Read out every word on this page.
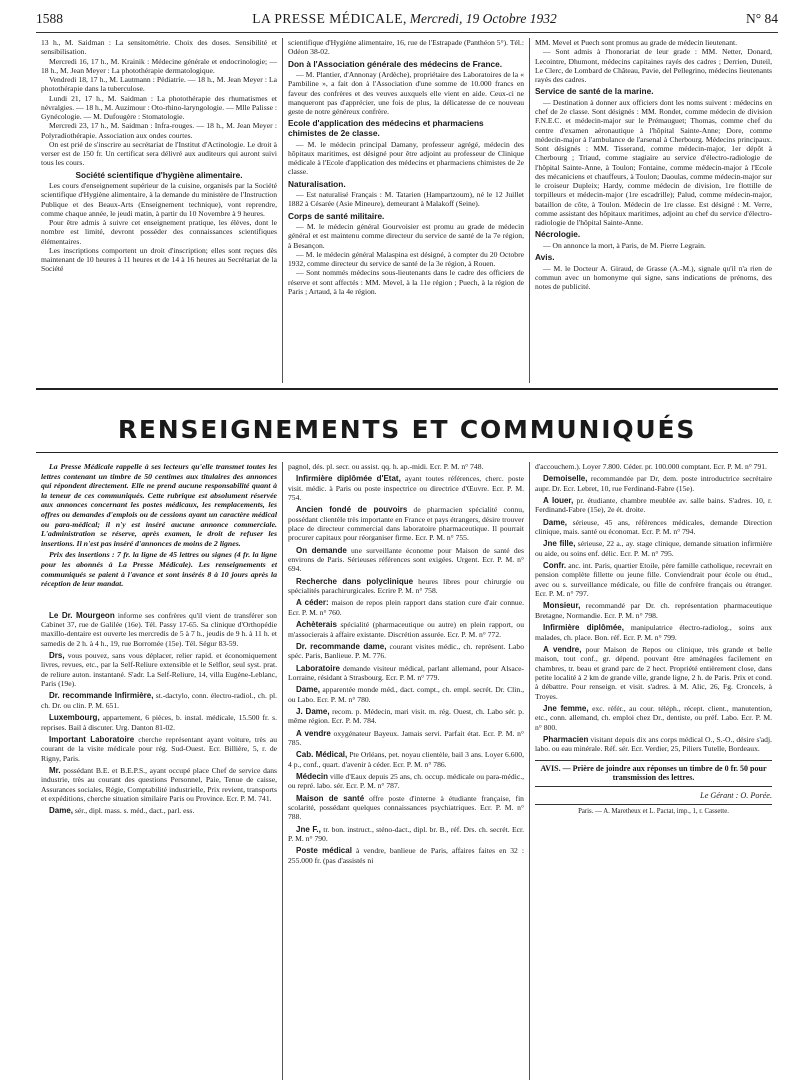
1588	LA PRESSE MÉDICALE, Mercredi, 19 Octobre 1932	N° 84

13 h., M. Saidman : La sensitométrie. Choix des doses. Sensibilité et sensibilisation.

Mercredi 16, 17 h., M. Krainik : Médecine générale et endocrinologie; — 18 h., M. Jean Meyer : La photothérapie dermatologique.

Vendredi 18, 17 h., M. Lautmann : Pédiatrie. — 18 h., M. Jean Meyer : La photothérapie dans la tuberculose.

Lundi 21, 17 h., M. Saidman : La photothérapie des rhumatismes et névralgies. — 18 h., M. Auzimour : Oto-rhino-laryngologie. — Mlle Palisse : Gynécologie. — M. Dufougère : Stomatologie.

Mercredi 23, 17 h., M. Saidman : Infra-rouges. — 18 h., M. Jean Meyer : Polyradiothérapie. Association aux ondes courtes.

On est prié de s'inscrire au secrétariat de l'Institut d'Actinologie. Le droit à verser est de 150 fr. Un certificat sera délivré aux auditeurs qui auront suivi tous les cours.

Société scientifique d'hygiène alimentaire.

Les cours d'enseignement supérieur de la cuisine, organisés par la Société scientifique d'Hygiène alimentaire, à la demande du ministère de l'Instruction Publique et des Beaux-Arts (Enseignement technique), vont reprendre, comme chaque année, le jeudi matin, à partir du 10 Novembre à 9 heures.

Pour être admis à suivre cet enseignement pratique, les élèves, dont le nombre est limité, devront posséder des connaissances scientifiques élémentaires.

Les inscriptions comportent un droit d'inscription; elles sont reçues dès maintenant de 10 heures à 11 heures et de 14 à 16 heures au Secrétariat de la Société

scientifique d'Hygiène alimentaire, 16, rue de l'Estrapade (Panthéon 5°). Tél.: Odéon 38-02.

Don à l'Association générale des médecins de France.

— M. Plantier, d'Annonay (Ardèche), propriétaire des Laboratoires de la « Pambiline », a fait don à l'Association d'une somme de 10.000 francs en faveur des confrères et des veuves auxquels elle vient en aide. Ceux-ci ne manqueront pas d'apprécier, une fois de plus, la délicatesse de ce nouveau geste de notre généreux confrère.

Ecole d'application des médecins et pharmaciens chimistes de 2e classe.

— M. le médecin principal Damany, professeur agrégé, médecin des hôpitaux maritimes, est désigné pour être adjoint au professeur de Clinique médicale à l'Ecole d'application des médecins et pharmaciens chimistes de 2e classe.

Naturalisation.

— Est naturalisé Français : M. Tatarien (Hampartzoum), né le 12 Juillet 1882 à Césarée (Asie Mineure), demeurant à Malakoff (Seine).

Corps de santé militaire.

— M. le médecin général Gourvoisier est promu au grade de médecin général et est maintenu comme directeur du service de santé de la 7e région, à Besançon.

— M. le médecin général Malaspina est désigné, à compter du 20 Octobre 1932, comme directeur du service de santé de la 3e région, à Rouen.

— Sont nommés médecins sous-lieutenants dans le cadre des officiers de réserve et sont affectés : MM. Mevel, à la 11e région ; Puech, à la région de Paris ; Artaud, à la 4e région.

MM. Mevel et Puech sont promus au grade de médecin lieutenant.

— Sont admis à l'honorariat de leur grade : MM. Netter, Donard, Lecointre, Dhumont, médecins capitaines rayés des cadres ; Derrien, Duteil, Le Clerc, de Lombard de Château, Pavie, del Pellegrino, médecins lieutenants rayés des cadres.

Service de santé de la marine.

— Destination à donner aux officiers dont les noms suivent : médecins en chef de 2e classe. Sont désignés : MM. Rondet, comme médecin de division F.N.E.C. et médecin-major sur le Prémauguet; Thomas, comme chef du centre d'examen aéronautique à l'hôpital Sainte-Anne; Dore, comme médecin-major à l'ambulance de l'arsenal à Cherbourg. Médecins principaux. Sont désignés : MM. Tisserand, comme médecin-major, 1er dépôt à Cherbourg ; Triaud, comme stagiaire au service d'électro-radiologie de l'hôpital Sainte-Anne, à Toulon; Fontaine, comme médecin-major à l'Ecole des mécaniciens et chauffeurs, à Toulon; Daoulas, comme médecin-major sur le croiseur Dupleix; Hardy, comme médecin de division, 1re flottille de torpilleurs et médecin-major (1re escadrille); Palud, comme médecin-major, bataillon de côte, à Toulon. Médecin de 1re classe. Est désigné : M. Verre, comme assistant des hôpitaux maritimes, adjoint au chef du service d'électro-radiologie de l'hôpital Sainte-Anne.

Nécrologie.

— On annonce la mort, à Paris, de M. Pierre Legrain.

Avis.

— M. le Docteur A. Giraud, de Grasse (A.-M.), signale qu'il n'a rien de commun avec un homonyme qui signe, sans indications de prénoms, des notes de publicité.

RENSEIGNEMENTS ET COMMUNIQUÉS

La Presse Médicale rappelle à ses lecteurs qu'elle transmet toutes les lettres contenant un timbre de 50 centimes aux titulaires des annonces qui répondent directement. Elle ne prend aucune responsabilité quant à la teneur de ces communiqués. Cette rubrique est absolument réservée aux annonces concernant les postes médicaux, les remplacements, les offres ou demandes d'emplois ou de cessions ayant un caractère médical ou para-médical; il n'y est inséré aucune annonce commerciale. L'administration se réserve, après examen, le droit de refuser les insertions. Il n'est pas inséré d'annonces de moins de 2 lignes.

Prix des insertions : 7 fr. la ligne de 45 lettres ou signes (4 fr. la ligne pour les abonnés à La Presse Médicale). Les renseignements et communiqués se paient à l'avance et sont insérés 8 à 10 jours après la réception de leur mandat.

Le Dr. Mourgeon informe ses confrères qu'il vient de transférer son Cabinet 37, rue de Galilée (16e). Tél. Passy 17-65. Sa clinique d'Orthopédie maxillo-dentaire est ouverte les mercredis de 5 à 7 h., jeudis de 9 h. à 11 h. et samedis de 2 h. à 4 h., 19, rue Borromée (15e). Tél. Ségur 83-59.

Drs, vous pouvez, sans vous déplacer, relier rapid. et économiquement livres, revues, etc., par la Self-Reliure extensible et le Selflor, seul syst. prat. de reliure auton. instantané. S'adr. La Self-Reliure, 14, villa Eugène-Leblanc, Paris (19e).

Dr. recommande Infirmière, st.-dactylo, conn. électro-radiol., ch. pl. ch. Dr. ou clin. P. M. 651.

Luxembourg, appartement, 6 pièces, b. instal. médicale, 15.500 fr. s. reprises. Bail à discuter. Urg. Danton 81-02.

Important Laboratoire cherche représentant ayant voiture, très au courant de la visite médicale pour rég. Sud-Ouest. Ecr. Billière, 5, r. de Rigny, Paris.

Mr. possédant B.E. et B.E.P.S., ayant occupé place Chef de service dans industrie, très au courant des questions Personnel, Paie, Tenue de caisse, Assurances sociales, Régie, Comptabilité industrielle, Prix revient, transports et expéditions, cherche situation similaire Paris ou Province. Ecr. P. M. 741.

Dame, sér., dipl. mass. s. méd., dact., parl. ess.

pagnol, dés. pl. secr. ou assist. qq. h. ap.-midi. Ecr. P. M. n° 748.

Infirmière diplômée d'Etat, ayant toutes références, cherc. poste visit. médic. à Paris ou poste inspectrice ou directrice d'Œuvre. Ecr. P. M. 754.

Ancien fondé de pouvoirs de pharmacien spécialité connu, possédant clientèle très importante en France et pays étrangers, désire trouver place de directeur commercial dans laboratoire pharmaceutique. Il pourrait procurer capitaux pour réorganiser firme. Ecr. P. M. n° 755.

On demande une surveillante économe pour Maison de santé des environs de Paris. Sérieuses références sont exigées. Urgent. Ecr. P. M. n° 694.

Recherche dans polyclinique heures libres pour chirurgie ou spécialités parachirurgicales. Ecrire P. M. n° 758.

A céder: maison de repos plein rapport dans station cure d'air connue. Ecr. P. M. n° 760.

Achèterais spécialité (pharmaceutique ou autre) en plein rapport, ou m'associerais à affaire existante. Discrétion assurée. Ecr. P. M. n° 772.

Dr. recommande dame, courant visites médic., ch. représent. Labo spéc. Paris, Banlieue. P. M. 776.

Laboratoire demande visiteur médical, parlant allemand, pour Alsace-Lorraine, résidant à Strasbourg. Ecr. P. M. n° 779.

Dame, apparentée monde méd., dact. compt., ch. empl. secrét. Dr. Clin., ou Labo. Ecr. P. M. n° 780.

J. Dame, recom. p. Médecin, mari visit. m. rég. Ouest, ch. Labo sér. p. même région. Ecr. P. M. 784.

A vendre oxygénateur Bayeux. Jamais servi. Parfait état. Ecr. P. M. n° 785.

Cab. Médical, Pte Orléans, pet. noyau clientèle, bail 3 ans. Loyer 6.600, 4 p., conf., quart. d'avenir à céder. Ecr. P. M. n° 786.

Médecin ville d'Eaux depuis 25 ans, ch. occup. médicale ou para-médic., ou repré. labo. sér. Ecr. P. M. n° 787.

Maison de santé offre poste d'interne à étudiante française, fin scolarité, possédant quelques connaissances psychiatriques. Ecr. P. M. n° 788.

Jne F., tr. bon. instruct., sténo-dact., dipl. br. B., réf. Drs. ch. secrét. Ecr. P. M. n° 790.

Poste médical à vendre, banlieue de Paris, affaires faites en 32 : 255.000 fr. (pas d'assistés ni

d'accouchem.). Loyer 7.800. Céder. pr. 100.000 comptant. Ecr. P. M. n° 791.

Demoiselle, recommandée par Dr, dem. poste introductrice secrétaire aupr. Dr. Ecr. Lebret, 10, rue Ferdinand-Fabre (15e).

A louer, pr. étudiante, chambre meublée av. salle bains. S'adres. 10, r. Ferdinand-Fabre (15e), 2e ét. droite.

Dame, sérieuse, 45 ans, références médicales, demande Direction clinique, mais. santé ou économat. Ecr. P. M. n° 794.

Jne fille, sérieuse, 22 a., ay. stage clinique, demande situation infirmière ou aide, ou soins enf. délic. Ecr. P. M. n° 795.

Confr. anc. int. Paris, quartier Etoile, père famille catholique, recevrait en pension complète fillette ou jeune fille. Conviendrait pour école ou étud., avec ou s. surveillance médicale, ou fille de confrère français ou étranger. Ecr. P. M. n° 797.

Monsieur, recommandé par Dr. ch. représentation pharmaceutique Bretagne, Normandie. Ecr. P. M. n° 798.

Infirmière diplômée, manipulatrice électro-radiolog., soins aux malades, ch. place. Bon. réf. Ecr. P. M. n° 799.

A vendre, pour Maison de Repos ou clinique, très grande et belle maison, tout conf., gr. dépend. pouvant être aménagées facilement en chambres, tr. beau et grand parc de 2 hect. Propriété entièrement close, dans petite localité à 2 km de grande ville, grande ligne, 2 h. de Paris. Prix et cond. à débattre. Pour renseign. et visit. s'adres. à M. Alic, 26, Fg. Croncels, à Troyes.

Jne femme, exc. référ., au cour. téléph., récept. client., manutention, etc., conn. allemand, ch. emploi chez Dr., dentiste, ou préf. Labo. Ecr. P. M. n° 800.

Pharmacien visitant depuis dix ans corps médical O., S.-O., désire s'adj. labo. ou eau minérale. Réf. sér. Ecr. Verdier, 25, Piliers Tutelle, Bordeaux.

AVIS. — Prière de joindre aux réponses un timbre de 0 fr. 50 pour transmission des lettres.
Le Gérant : O. Porée.
Paris. — A. Maretheux et L. Pactat, imp., 1, r. Cassette.
